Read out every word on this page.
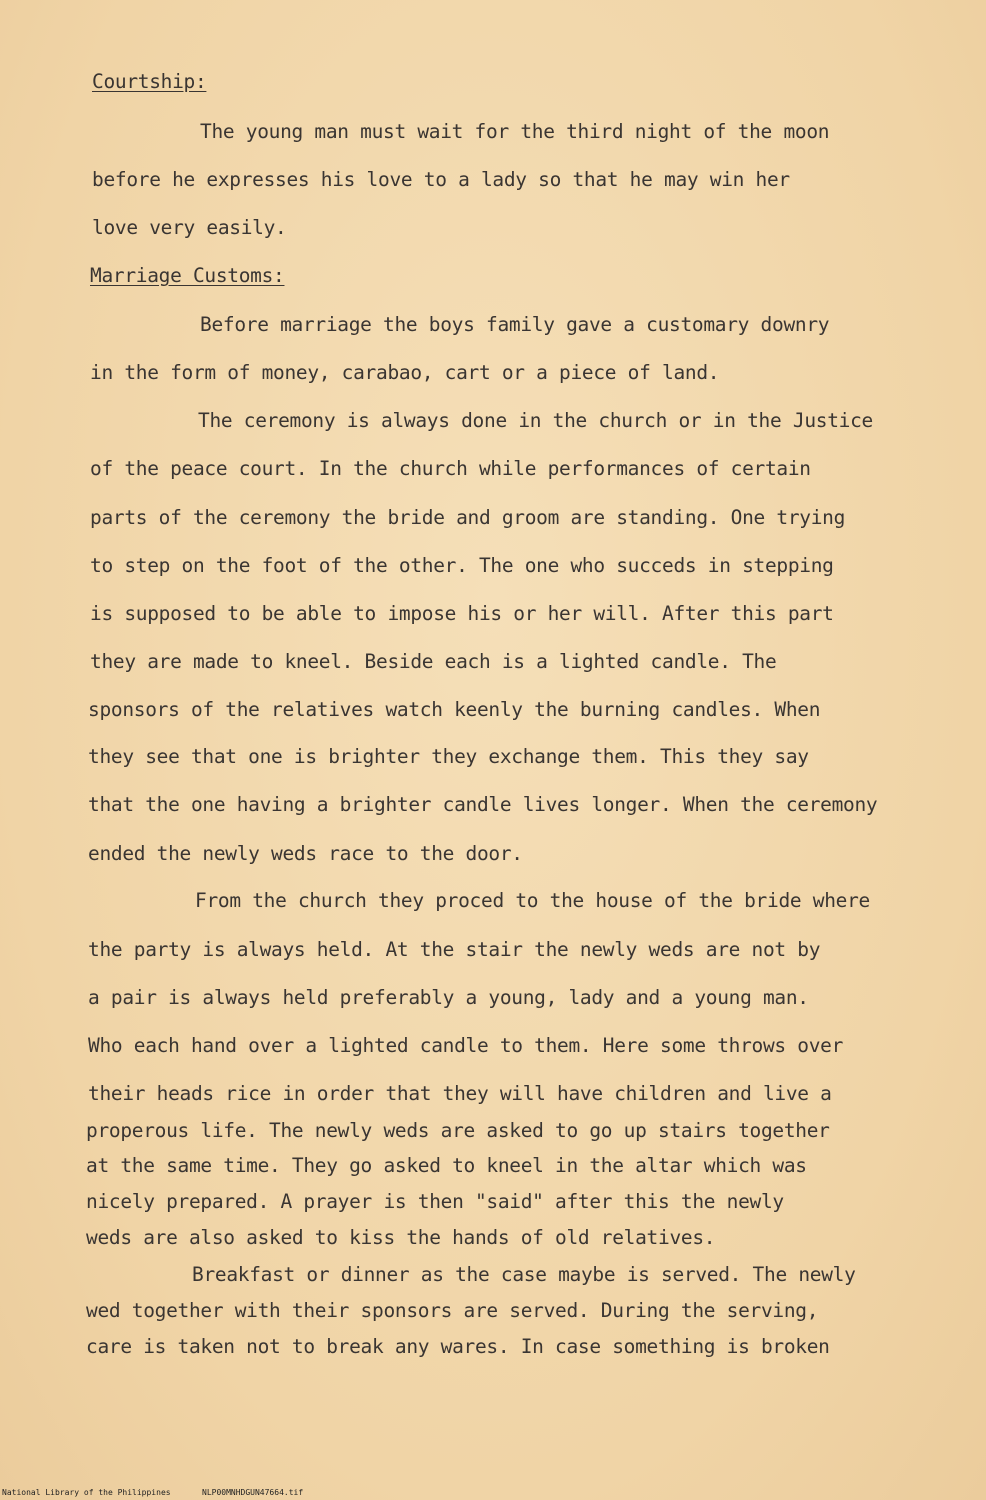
Courtship:
The young man must wait for the third night of the moon
before he expresses his love to a lady so that he may win her
love very easily.
Marriage Customs:
Before marriage the boys family gave a customary downry
in the form of money, carabao, cart or a piece of land.
The ceremony is always done in the church or in the Justice
of the peace court. In the church while performances of certain
parts of the ceremony the bride and groom are standing. One trying
to step on the foot of the other. The one who succeds in stepping
is supposed to be able to impose his or her will. After this part
they are made to kneel. Beside each is a lighted candle. The
sponsors of the relatives watch keenly the burning candles. When
they see that one is brighter they exchange them. This they say
that the one having a brighter candle lives longer. When the ceremony
ended the newly weds race to the door.
From the church they proced to the house of the bride where
the party is always held. At the stair the newly weds are not by
a pair is always held preferably a young, lady and a young man.
Who each hand over a lighted candle to them. Here some throws over
their heads rice in order that they will have children and live a
properous life. The newly weds are asked to go up stairs together
at the same time. They go asked to kneel in the altar which was
nicely prepared. A prayer is then "said" after this the newly
weds are also asked to kiss the hands of old relatives.
Breakfast or dinner as the case maybe is served. The newly
wed together with their sponsors are served. During the serving,
care is taken not to break any wares. In case something is broken
National Library of the Philippines	NLP00MNHDGUN47664.tif
